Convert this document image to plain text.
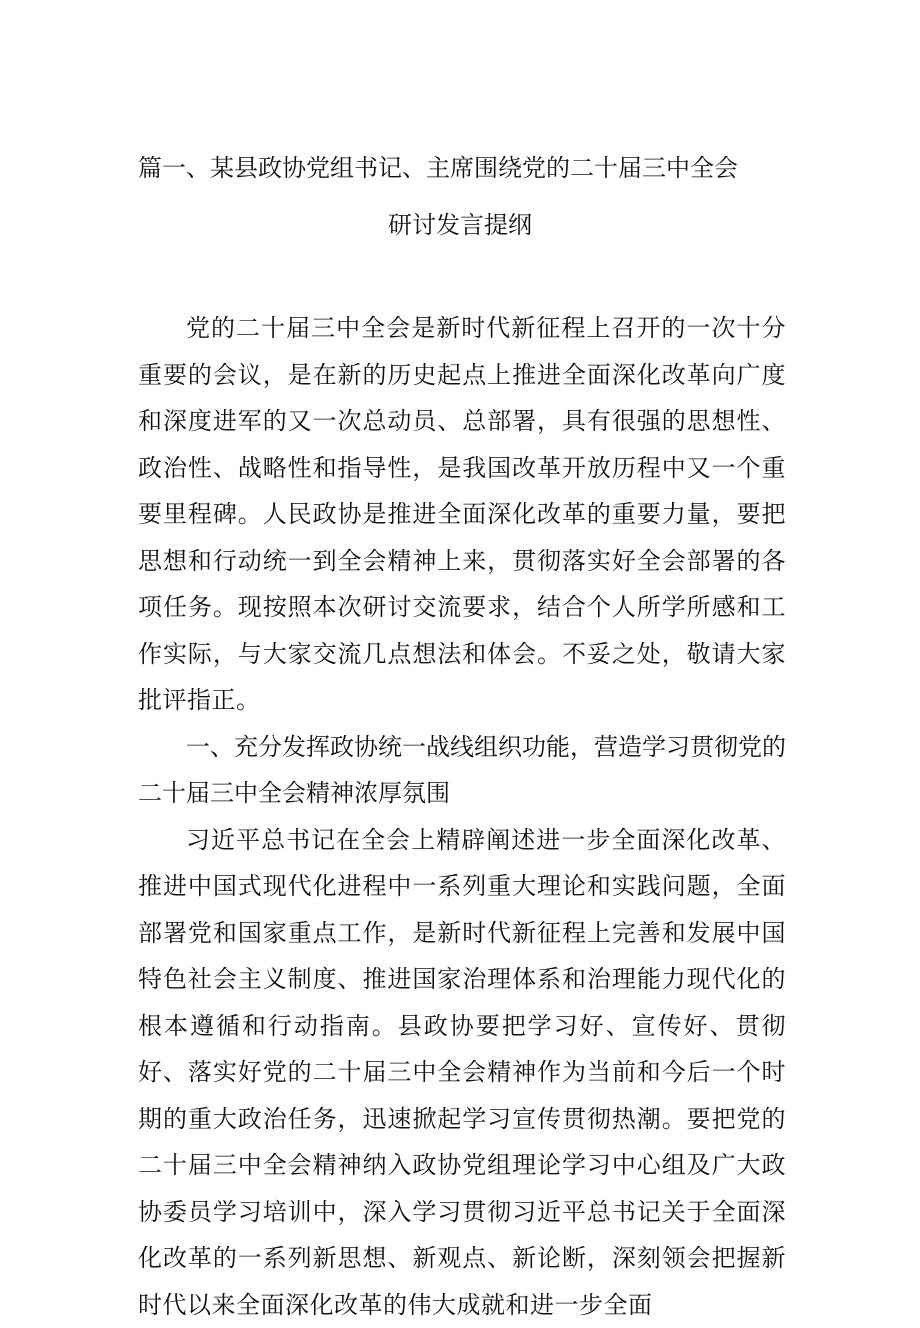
篇一、某县政协党组书记、主席围绕党的二十届三中全会
研讨发言提纲

党的二十届三中全会是新时代新征程上召开的一次十分重要的会议，是在新的历史起点上推进全面深化改革向广度和深度进军的又一次总动员、总部署，具有很强的思想性、政治性、战略性和指导性，是我国改革开放历程中又一个重要里程碑。人民政协是推进全面深化改革的重要力量，要把思想和行动统一到全会精神上来，贯彻落实好全会部署的各项任务。现按照本次研讨交流要求，结合个人所学所感和工作实际，与大家交流几点想法和体会。不妥之处，敬请大家批评指正。

一、充分发挥政协统一战线组织功能，营造学习贯彻党的二十届三中全会精神浓厚氛围

习近平总书记在全会上精辟阐述进一步全面深化改革、推进中国式现代化进程中一系列重大理论和实践问题，全面部署党和国家重点工作，是新时代新征程上完善和发展中国特色社会主义制度、推进国家治理体系和治理能力现代化的根本遵循和行动指南。县政协要把学习好、宣传好、贯彻好、落实好党的二十届三中全会精神作为当前和今后一个时期的重大政治任务，迅速掀起学习宣传贯彻热潮。要把党的二十届三中全会精神纳入政协党组理论学习中心组及广大政协委员学习培训中，深入学习贯彻习近平总书记关于全面深化改革的一系列新思想、新观点、新论断，深刻领会把握新时代以来全面深化改革的伟大成就和进一步全面
